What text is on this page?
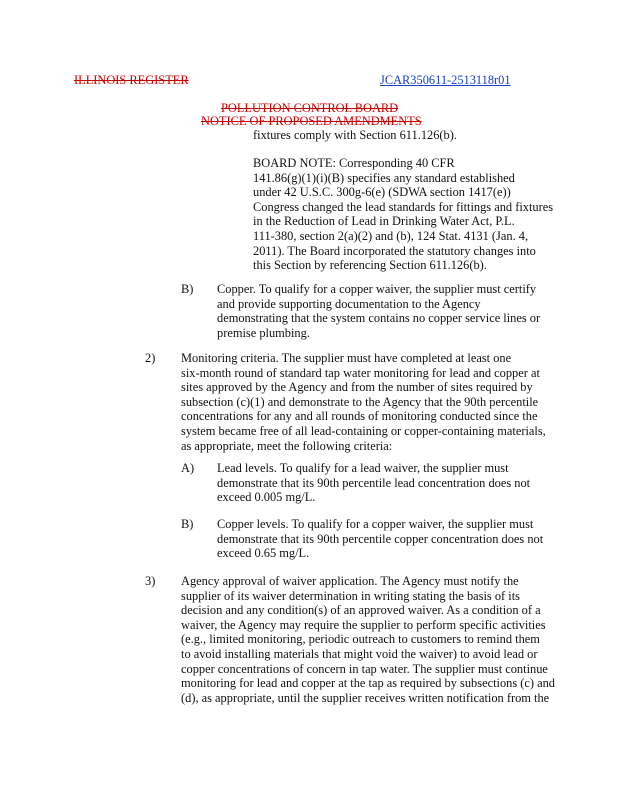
ILLINOIS REGISTER	JCAR350611-2513118r01
POLLUTION CONTROL BOARD
NOTICE OF PROPOSED AMENDMENTS
fixtures comply with Section 611.126(b).
BOARD NOTE: Corresponding 40 CFR
141.86(g)(1)(i)(B) specifies any standard established
under 42 U.S.C. 300g-6(e) (SDWA section 1417(e))
Congress changed the lead standards for fittings and fixtures
in the Reduction of Lead in Drinking Water Act, P.L.
111-380, section 2(a)(2) and (b), 124 Stat. 4131 (Jan. 4,
2011). The Board incorporated the statutory changes into
this Section by referencing Section 611.126(b).
B) Copper. To qualify for a copper waiver, the supplier must certify
and provide supporting documentation to the Agency
demonstrating that the system contains no copper service lines or
premise plumbing.
2) Monitoring criteria. The supplier must have completed at least one
six-month round of standard tap water monitoring for lead and copper at
sites approved by the Agency and from the number of sites required by
subsection (c)(1) and demonstrate to the Agency that the 90th percentile
concentrations for any and all rounds of monitoring conducted since the
system became free of all lead-containing or copper-containing materials,
as appropriate, meet the following criteria:
A) Lead levels. To qualify for a lead waiver, the supplier must
demonstrate that its 90th percentile lead concentration does not
exceed 0.005 mg/L.
B) Copper levels. To qualify for a copper waiver, the supplier must
demonstrate that its 90th percentile copper concentration does not
exceed 0.65 mg/L.
3) Agency approval of waiver application. The Agency must notify the
supplier of its waiver determination in writing stating the basis of its
decision and any condition(s) of an approved waiver. As a condition of a
waiver, the Agency may require the supplier to perform specific activities
(e.g., limited monitoring, periodic outreach to customers to remind them
to avoid installing materials that might void the waiver) to avoid lead or
copper concentrations of concern in tap water. The supplier must continue
monitoring for lead and copper at the tap as required by subsections (c) and
(d), as appropriate, until the supplier receives written notification from the
